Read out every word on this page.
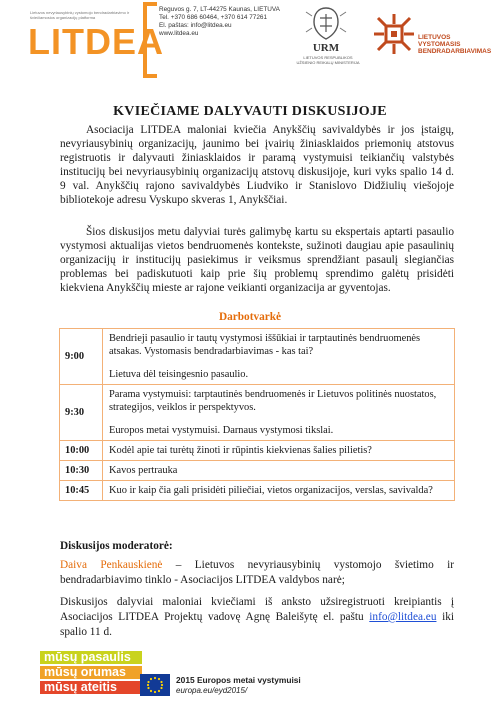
Lietuvos nevyriausybinių vystomojo bendradarbiavimo ir šviečiamosios organizacijų platforma
LITDEA
Reguvos g. 7, LT-44275 Kaunas, LIETUVA
Tel. +370 686 60464, +370 614 77261
El. paštas: info@litdea.eu
www.litdea.eu
URM
LIETUVOS RESPUBLIKOS UŽSIENIO REIKALŲ MINISTERIJA
LIETUVOS
VYSTOMASIS
BENDRADARBIAVIMAS
KVIEČIAME DALYVAUTI DISKUSIJOJE

Asociacija LITDEA maloniai kviečia Anykščių savivaldybės ir jos įstaigų, nevyriausybinių organizacijų, jaunimo bei įvairių žiniasklaidos priemonių atstovus registruotis ir dalyvauti žiniasklaidos ir paramą vystymuisi teikiančių valstybės institucijų bei nevyriausybinių organizacijų atstovų diskusijoje, kuri vyks spalio 14 d. 9 val. Anykščių rajono savivaldybės Liudviko ir Stanislovo Didžiulių viešojoje bibliotekoje adresu Vyskupo skveras 1, Anykščiai.

Šios diskusijos metu dalyviai turės galimybę kartu su ekspertais aptarti pasaulio vystymosi aktualijas vietos bendruomenės kontekste, sužinoti daugiau apie pasaulinių organizacijų ir institucijų pasiekimus ir veiksmus sprendžiant pasaulį slegiančias problemas bei padiskutuoti kaip prie šių problemų sprendimo galėtų prisidėti kiekviena Anykščių mieste ar rajone veikianti organizacija ar gyventojas.

Darbotvarkė
9:00	Bendrieji pasaulio ir tautų vystymosi iššūkiai ir tarptautinės bendruomenės atsakas. Vystomasis bendradarbiavimas - kas tai?
Lietuva dėl teisingesnio pasaulio.

9:30	Parama vystymuisi: tarptautinės bendruomenės ir Lietuvos politinės nuostatos, strategijos, veiklos ir perspektyvos.
Europos metai vystymuisi. Darnaus vystymosi tikslai.

10:00	Kodėl apie tai turėtų žinoti ir rūpintis kiekvienas šalies pilietis?
10:30	Kavos pertrauka
10:45	Kuo ir kaip čia gali prisidėti piliečiai, vietos organizacijos, verslas, savivalda?
Diskusijos moderatorė:

Daiva Penkauskienė – Lietuvos nevyriausybinių vystomojo švietimo ir bendradarbiavimo tinklo - Asociacijos LITDEA valdybos narė;

Diskusijos dalyviai maloniai kviečiami iš anksto užsiregistruoti kreipiantis į Asociacijos LITDEA Projektų vadovę Agnę Baleišytę el. paštu info@litdea.eu iki spalio 11 d.

mūsų pasaulis
mūsų orumas
mūsų ateitis	2015 Europos metai vystymuisi
europa.eu/eyd2015/
